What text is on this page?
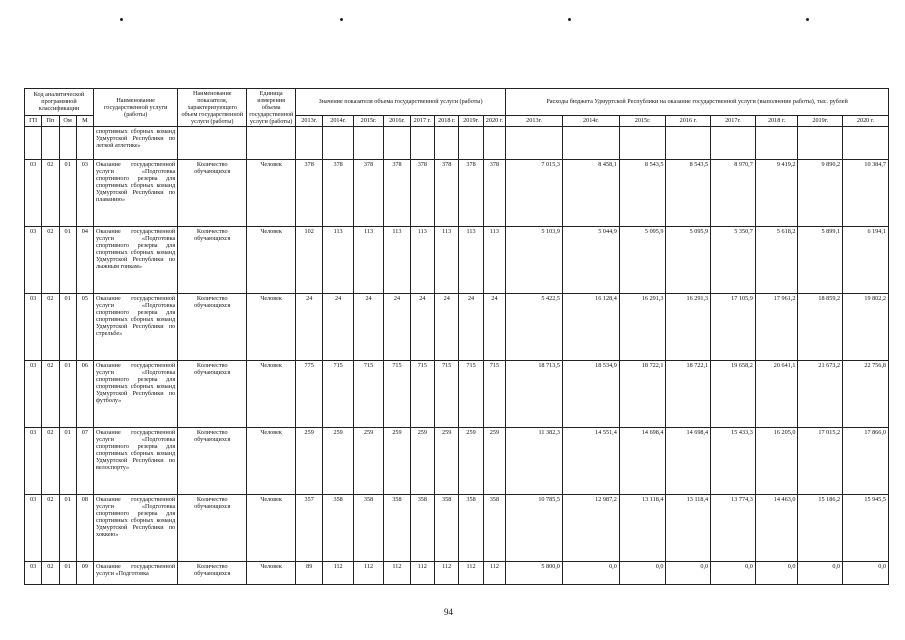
Код аналитической программной классификации				Наименование государственной услуги (работы)	Наименование показателя, характеризующего объем государственной услуги (работы)	Единица измерения объема государственной услуги (работы)	Значение показателя объема государственной услуги (работы)								Расходы бюджета Удмуртской Республики на оказание государственной услуги (выполнение работы), тыс. рублей							
ГП	Пп	Ом	М				2013г.	2014г.	2015г.	2016г.	2017 г.	2018 г.	2019г.	2020 г.	2013г.	2014г.	2015г.	2016 г.	2017г.	2018 г.	2019г.	2020 г.
				спортивных сборных команд Удмуртской Республики по легкой атлетике»																		
03	02	01	03	Оказание государственной услуги «Подготовка спортивного резерва для спортивных сборных команд Удмуртской Республики по плаванию»	Количество обучающихся	Человек	378	378	378	378	378	378	378	378	7 015,3	8 458,1	8 543,5	8 543,5	8 970,7	9 419,2	9 890,2	10 384,7
03	02	01	04	Оказание государственной услуги «Подготовка спортивного резерва для спортивных сборных команд Удмуртской Республики по лыжным гонкам»	Количество обучающихся	Человек	102	113	113	113	113	113	113	113	5 103,9	5 044,9	5 095,9	5 095,9	5 350,7	5 618,2	5 899,1	6 194,1
03	02	01	05	Оказание государственной услуги «Подготовка спортивного резерва для спортивных сборных команд Удмуртской Республики по стрельбе»	Количество обучающихся	Человек	24	24	24	24	24	24	24	24	5 422,5	16 128,4	16 291,3	16 291,3	17 105,9	17 961,2	18 859,2	19 802,2
03	02	01	06	Оказание государственной услуги «Подготовка спортивного резерва для спортивных сборных команд Удмуртской Республики по футболу»	Количество обучающихся	Человек	775	715	715	715	715	715	715	715	18 713,5	18 534,9	18 722,1	18 722,1	19 658,2	20 641,1	21 673,2	22 756,8
03	02	01	07	Оказание государственной услуги «Подготовка спортивного резерва для спортивных сборных команд Удмуртской Республики по велоспорту»	Количество обучающихся	Человек	259	259	259	259	259	259	259	259	11 382,3	14 551,4	14 698,4	14 698,4	15 433,3	16 205,0	17 015,2	17 866,0
03	02	01	08	Оказание государственной услуги «Подготовка спортивного резерва для спортивных сборных команд Удмуртской Республики по хоккею»	Количество обучающихся	Человек	357	358	358	358	358	358	358	358	10 785,5	12 987,2	13 118,4	13 118,4	13 774,3	14 463,0	15 186,2	15 945,5
03	02	01	09	Оказание государственной услуги «Подготовка	Количество обучающихся	Человек	89	112	112	112	112	112	112	112	5 800,0	0,0	0,0	0,0	0,0	0,0	0,0	0,0
94
